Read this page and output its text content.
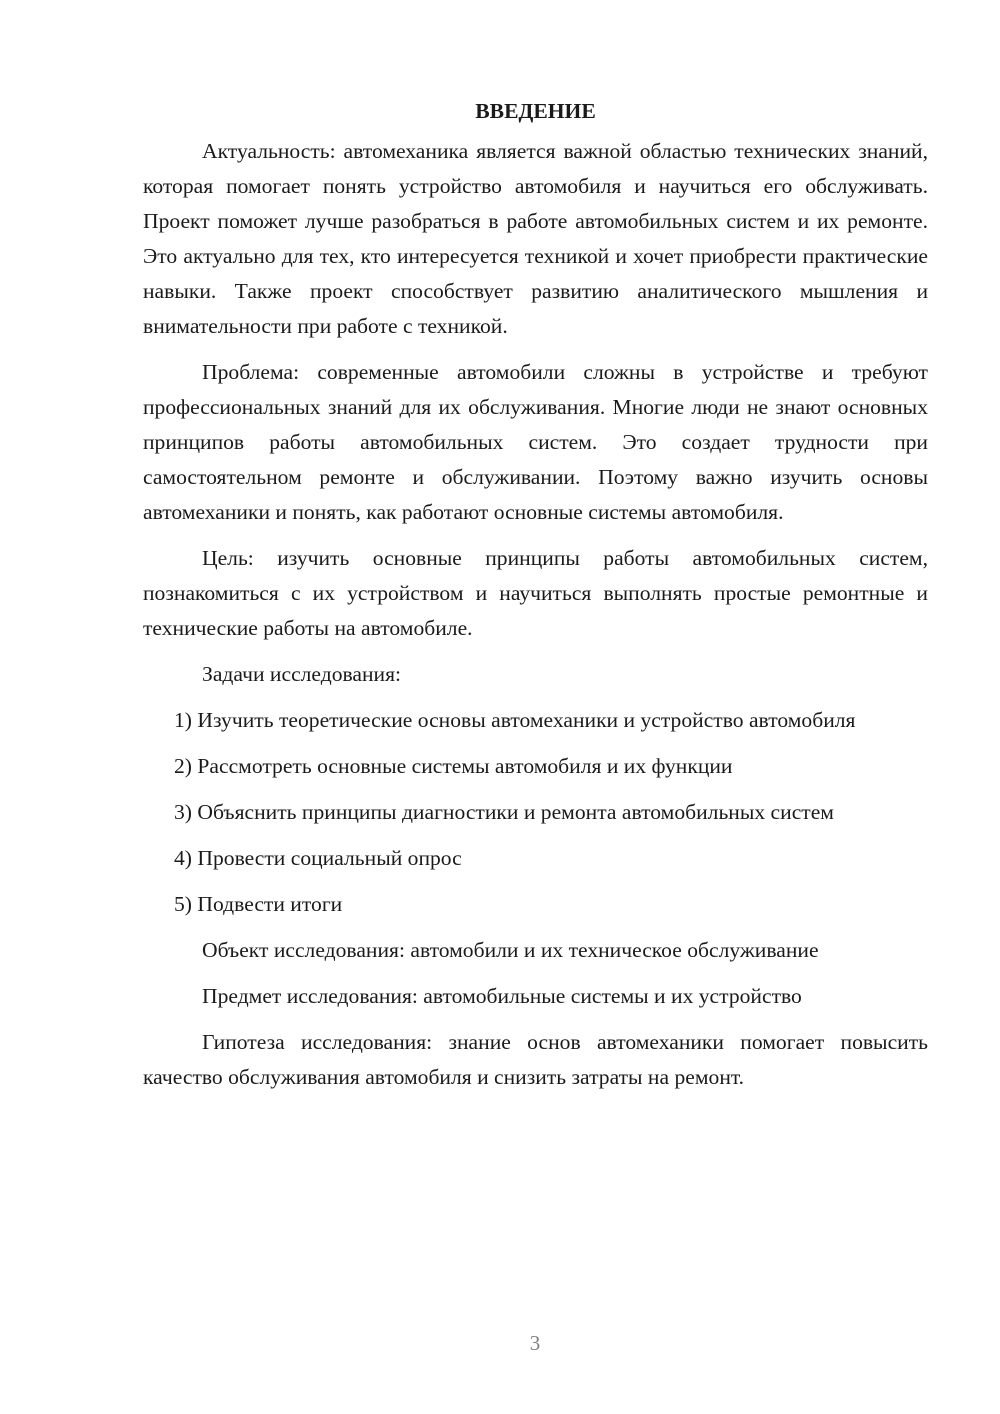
ВВЕДЕНИЕ

Актуальность: автомеханика является важной областью технических знаний, которая помогает понять устройство автомобиля и научиться его обслуживать. Проект поможет лучше разобраться в работе автомобильных систем и их ремонте. Это актуально для тех, кто интересуется техникой и хочет приобрести практические навыки. Также проект способствует развитию аналитического мышления и внимательности при работе с техникой.

Проблема: современные автомобили сложны в устройстве и требуют профессиональных знаний для их обслуживания. Многие люди не знают основных принципов работы автомобильных систем. Это создает трудности при самостоятельном ремонте и обслуживании. Поэтому важно изучить основы автомеханики и понять, как работают основные системы автомобиля.

Цель: изучить основные принципы работы автомобильных систем, познакомиться с их устройством и научиться выполнять простые ремонтные и технические работы на автомобиле.

Задачи исследования:

1) Изучить теоретические основы автомеханики и устройство автомобиля

2) Рассмотреть основные системы автомобиля и их функции

3) Объяснить принципы диагностики и ремонта автомобильных систем

4) Провести социальный опрос

5) Подвести итоги

Объект исследования: автомобили и их техническое обслуживание

Предмет исследования: автомобильные системы и их устройство

Гипотеза исследования: знание основ автомеханики помогает повысить качество обслуживания автомобиля и снизить затраты на ремонт.

3
